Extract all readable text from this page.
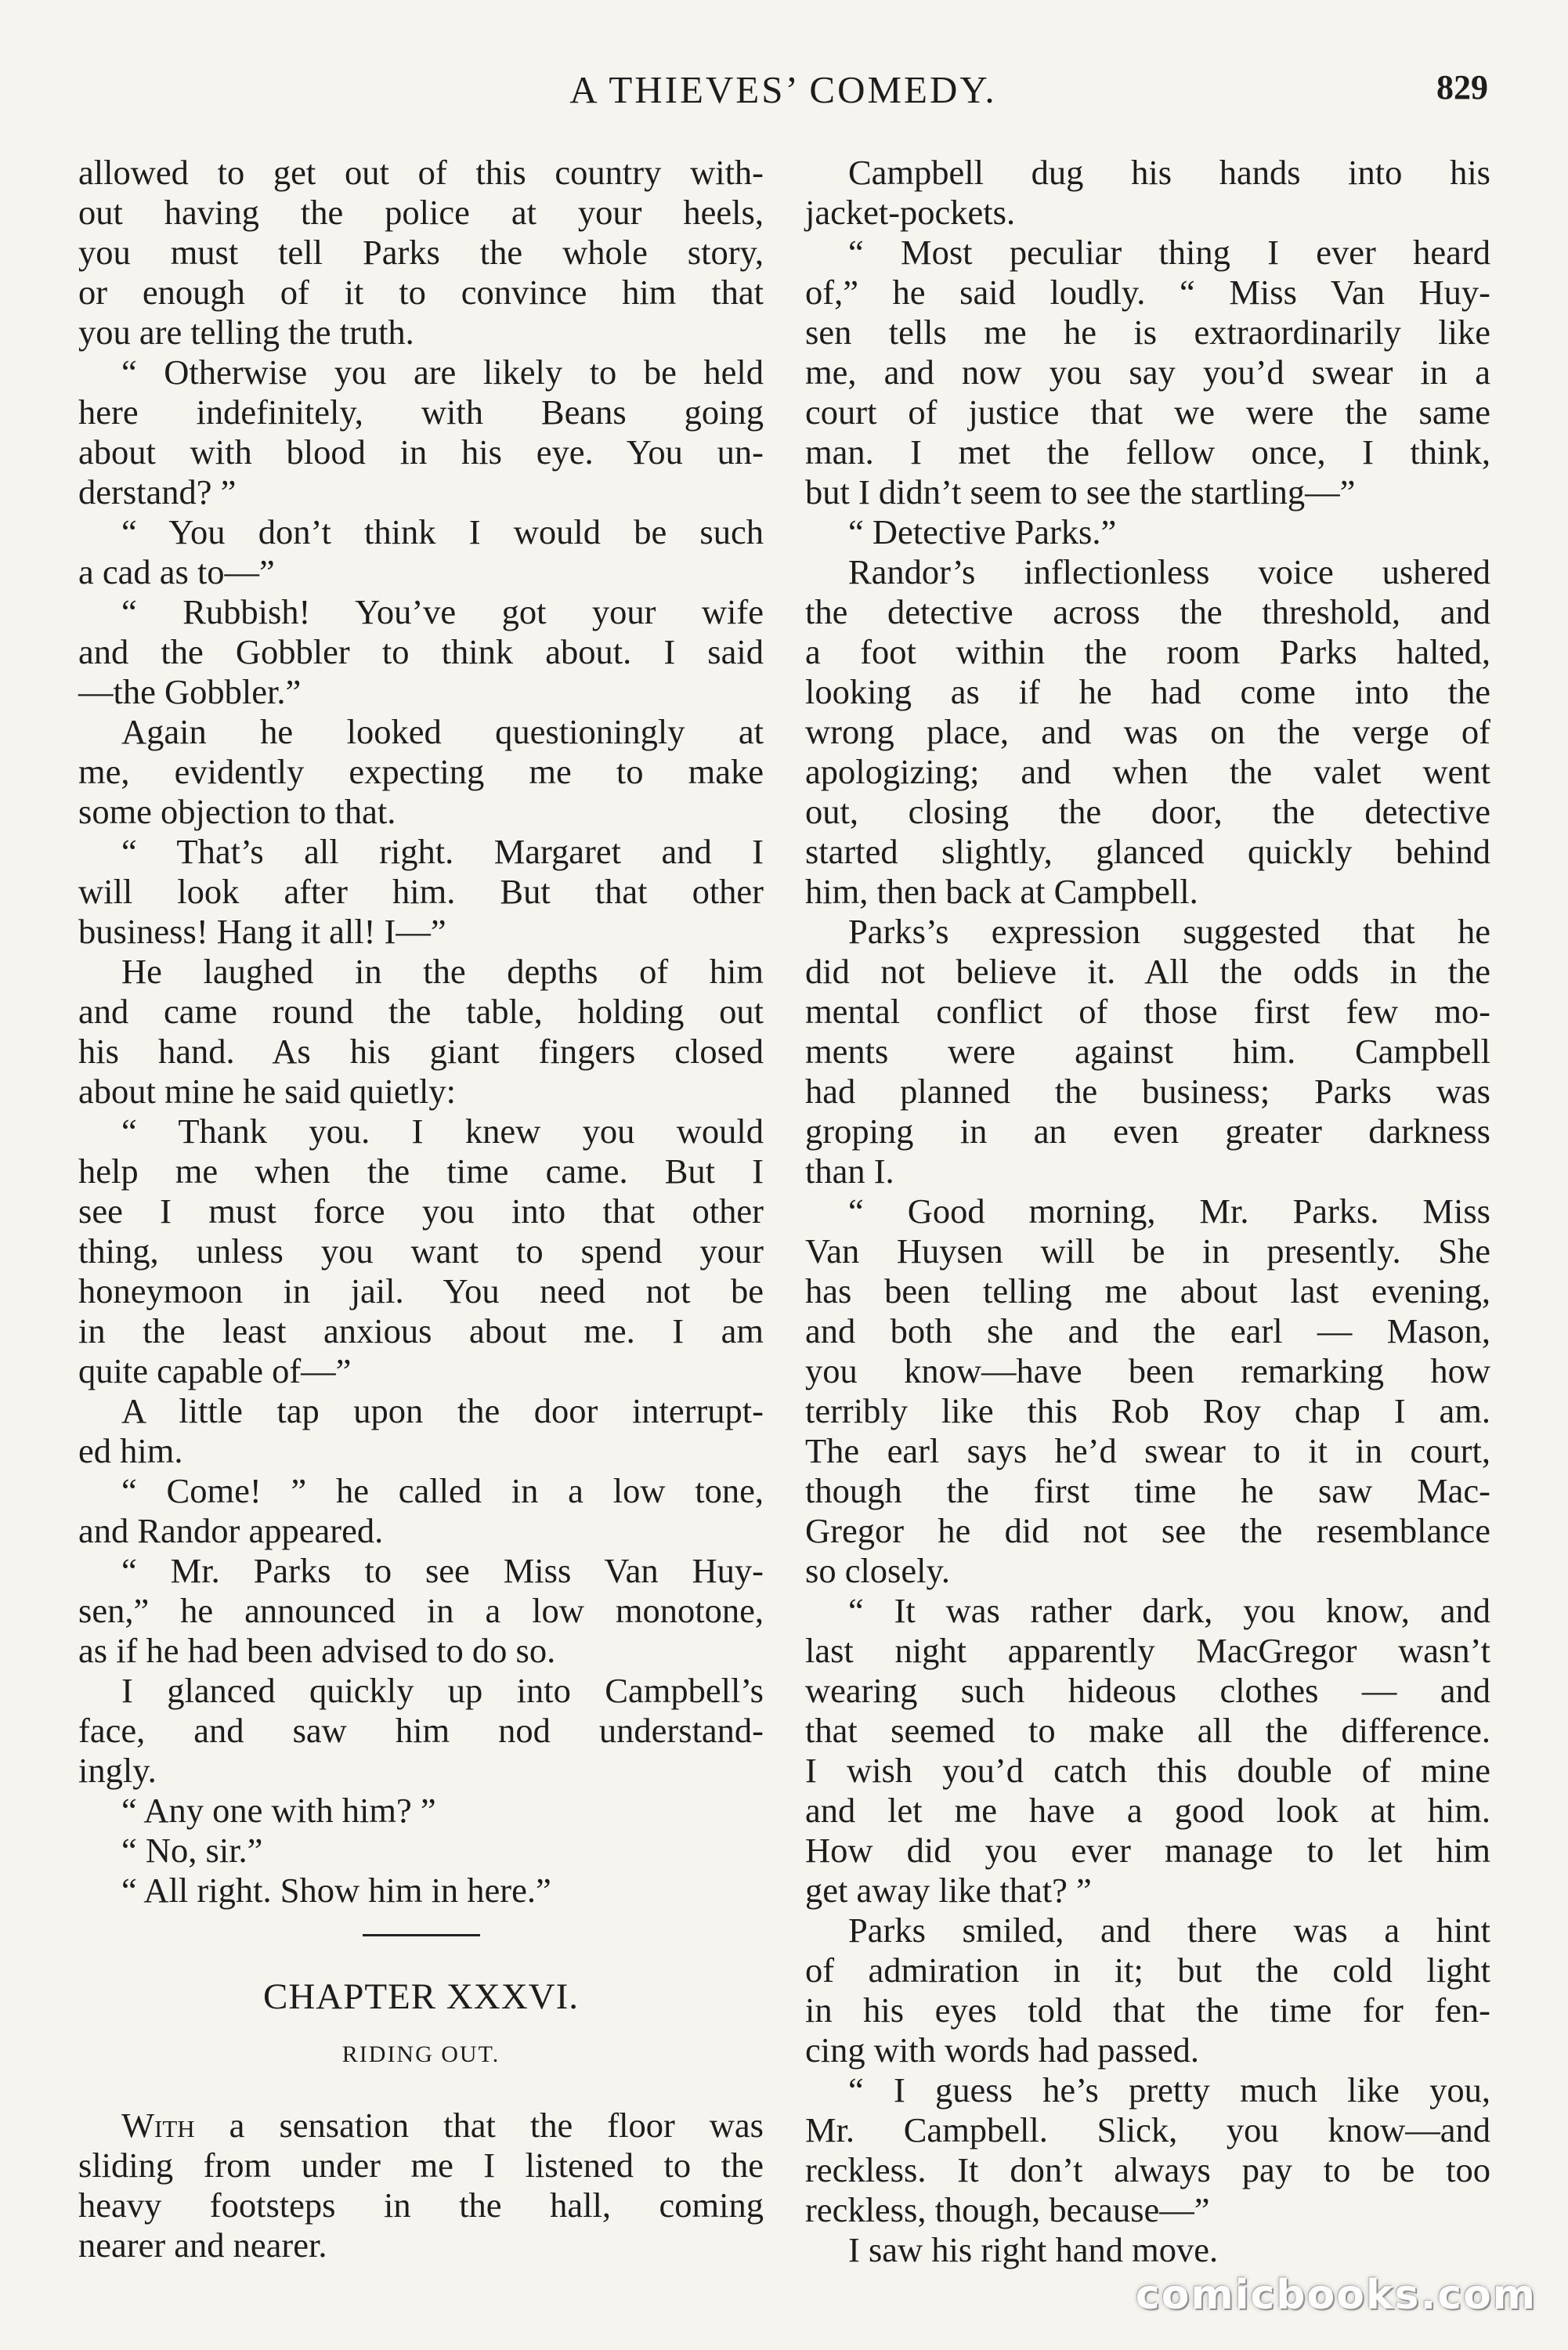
A THIEVES’ COMEDY.	829
allowed to get out of this country with-
out having the police at your heels,
you must tell Parks the whole story,
or enough of it to convince him that
you are telling the truth.
“ Otherwise you are likely to be held
here indefinitely, with Beans going
about with blood in his eye. You un-
derstand? ”
“ You don’t think I would be such
a cad as to—”
“ Rubbish! You’ve got your wife
and the Gobbler to think about. I said
—the Gobbler.”
Again he looked questioningly at
me, evidently expecting me to make
some objection to that.
“ That’s all right. Margaret and I
will look after him. But that other
business! Hang it all! I—”
He laughed in the depths of him
and came round the table, holding out
his hand. As his giant fingers closed
about mine he said quietly:
“ Thank you. I knew you would
help me when the time came. But I
see I must force you into that other
thing, unless you want to spend your
honeymoon in jail. You need not be
in the least anxious about me. I am
quite capable of—”
A little tap upon the door interrupt-
ed him.
“ Come! ” he called in a low tone,
and Randor appeared.
“ Mr. Parks to see Miss Van Huy-
sen,” he announced in a low monotone,
as if he had been advised to do so.
I glanced quickly up into Campbell’s
face, and saw him nod understand-
ingly.
“ Any one with him? ”
“ No, sir.”
“ All right. Show him in here.”
CHAPTER XXXVI.
RIDING OUT.
With a sensation that the floor was
sliding from under me I listened to the
heavy footsteps in the hall, coming
nearer and nearer.
Campbell dug his hands into his
jacket-pockets.
“ Most peculiar thing I ever heard
of,” he said loudly. “ Miss Van Huy-
sen tells me he is extraordinarily like
me, and now you say you’d swear in a
court of justice that we were the same
man. I met the fellow once, I think,
but I didn’t seem to see the startling—”
“ Detective Parks.”
Randor’s inflectionless voice ushered
the detective across the threshold, and
a foot within the room Parks halted,
looking as if he had come into the
wrong place, and was on the verge of
apologizing; and when the valet went
out, closing the door, the detective
started slightly, glanced quickly behind
him, then back at Campbell.
Parks’s expression suggested that he
did not believe it. All the odds in the
mental conflict of those first few mo-
ments were against him. Campbell
had planned the business; Parks was
groping in an even greater darkness
than I.
“ Good morning, Mr. Parks. Miss
Van Huysen will be in presently. She
has been telling me about last evening,
and both she and the earl — Mason,
you know—have been remarking how
terribly like this Rob Roy chap I am.
The earl says he’d swear to it in court,
though the first time he saw Mac-
Gregor he did not see the resemblance
so closely.
“ It was rather dark, you know, and
last night apparently MacGregor wasn’t
wearing such hideous clothes — and
that seemed to make all the difference.
I wish you’d catch this double of mine
and let me have a good look at him.
How did you ever manage to let him
get away like that? ”
Parks smiled, and there was a hint
of admiration in it; but the cold light
in his eyes told that the time for fen-
cing with words had passed.
“ I guess he’s pretty much like you,
Mr. Campbell. Slick, you know—and
reckless. It don’t always pay to be too
reckless, though, because—”
I saw his right hand move.
comicbooks.com
